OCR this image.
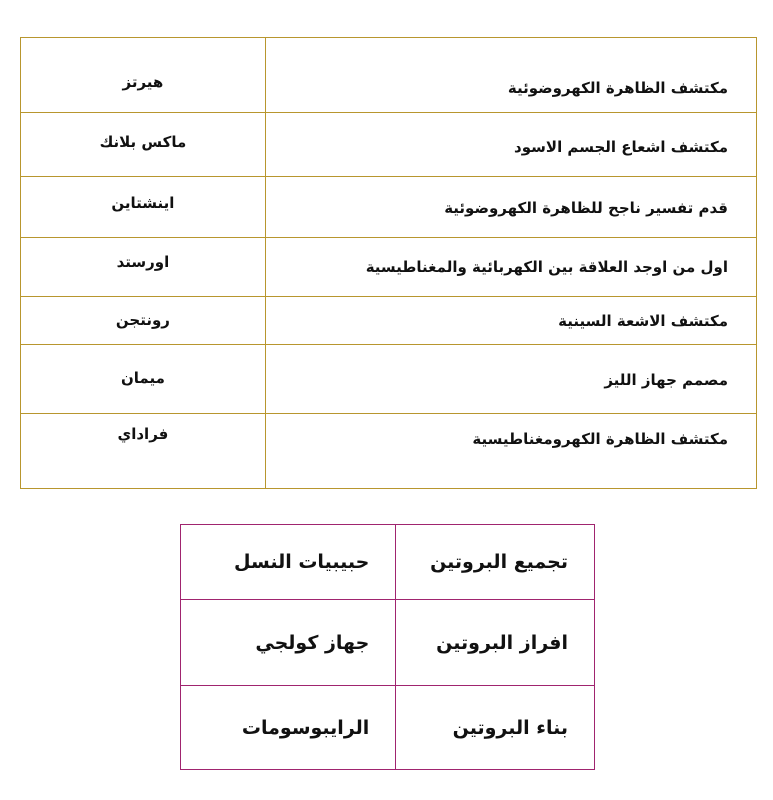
مكتشف الظاهرة الكهروضوئية	هيرتز

مكتشف اشعاع الجسم الاسود	ماكس بلانك

قدم تفسير ناجح للظاهرة الكهروضوئية	اينشتاين

اول من اوجد العلاقة بين الكهربائية والمغناطيسية	اورستد

مكتشف الاشعة السينية	رونتجن

مصمم جهاز الليز	ميمان

مكتشف الظاهرة الكهرومغناطيسية	فراداي
تجميع البروتين	حبيبيات النسل
افراز البروتين	جهاز كولجي
بناء البروتين	الرايبوسومات
